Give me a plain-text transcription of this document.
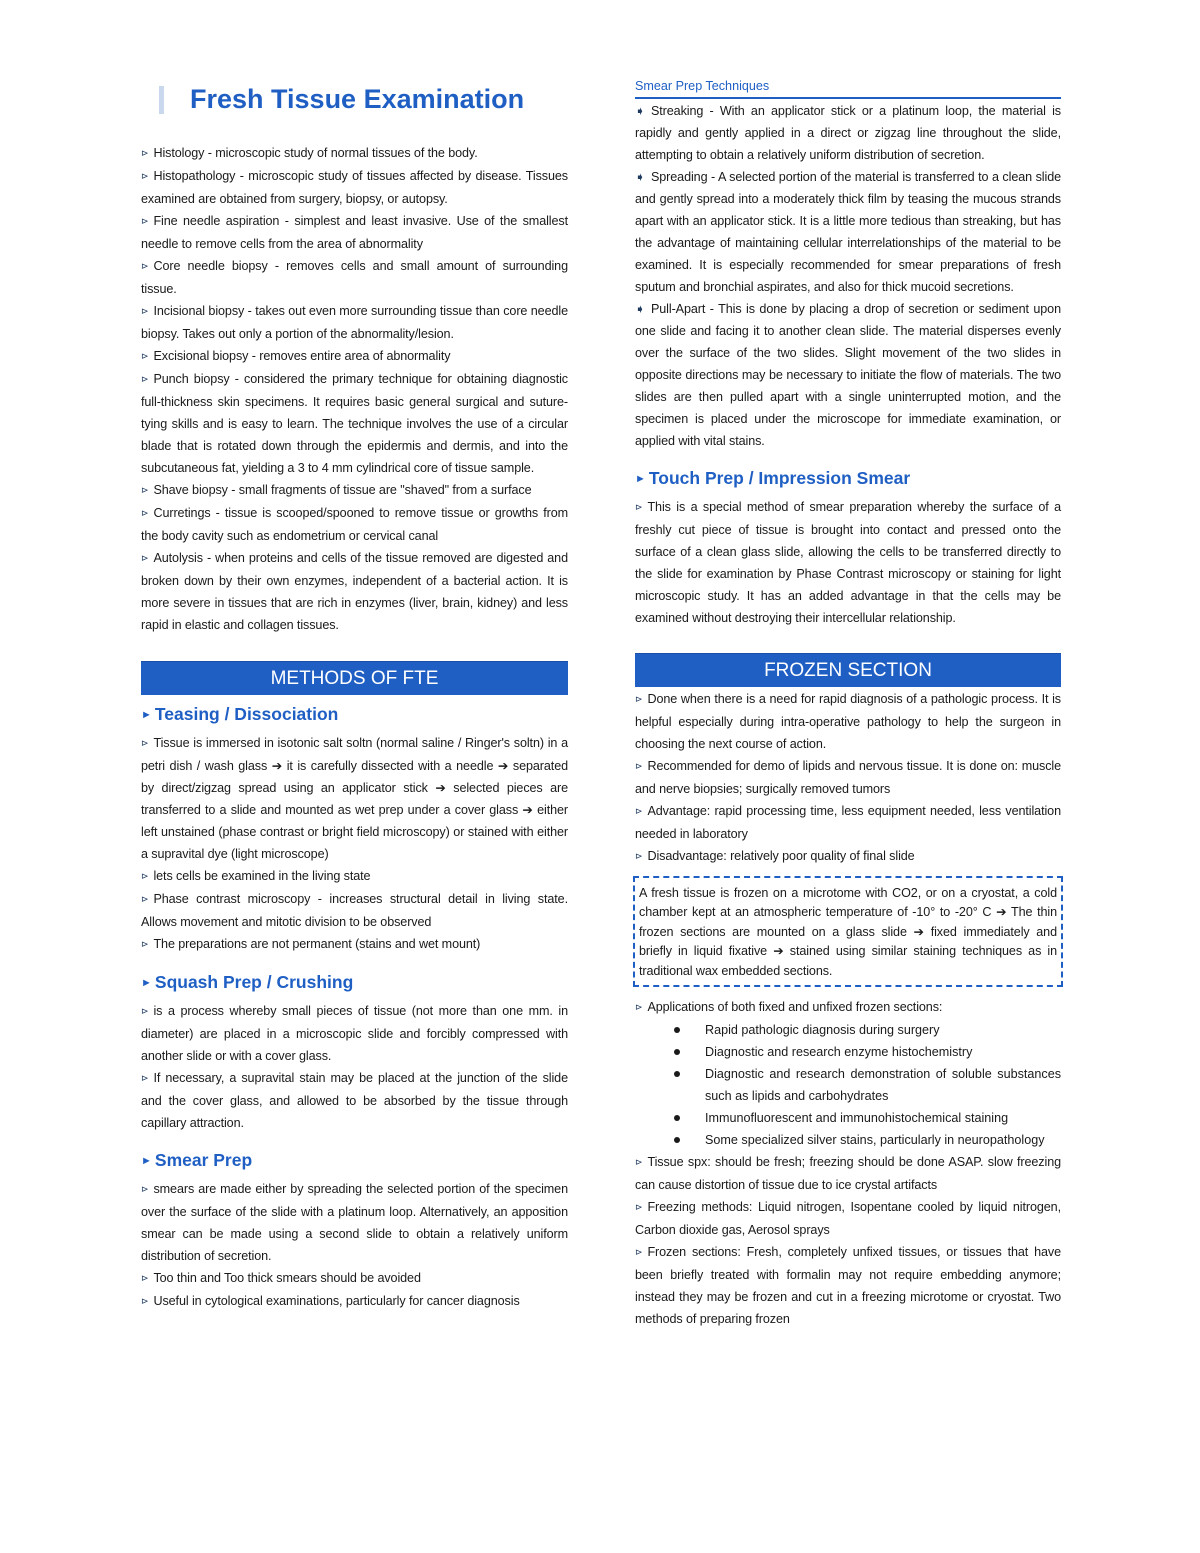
Fresh Tissue Examination

⊳ Histology - microscopic study of normal tissues of the body.

⊳ Histopathology - microscopic study of tissues affected by disease. Tissues examined are obtained from surgery, biopsy, or autopsy.

⊳ Fine needle aspiration - simplest and least invasive. Use of the smallest needle to remove cells from the area of abnormality

⊳ Core needle biopsy - removes cells and small amount of surrounding tissue.

⊳ Incisional biopsy - takes out even more surrounding tissue than core needle biopsy. Takes out only a portion of the abnormality/lesion.

⊳ Excisional biopsy - removes entire area of abnormality

⊳ Punch biopsy - considered the primary technique for obtaining diagnostic full-thickness skin specimens. It requires basic general surgical and suture-tying skills and is easy to learn. The technique involves the use of a circular blade that is rotated down through the epidermis and dermis, and into the subcutaneous fat, yielding a 3 to 4 mm cylindrical core of tissue sample.

⊳ Shave biopsy - small fragments of tissue are "shaved" from a surface

⊳ Curretings - tissue is scooped/spooned to remove tissue or growths from the body cavity such as endometrium or cervical canal

⊳ Autolysis - when proteins and cells of the tissue removed are digested and broken down by their own enzymes, independent of a bacterial action. It is more severe in tissues that are rich in enzymes (liver, brain, kidney) and less rapid in elastic and collagen tissues.

METHODS OF FTE
► Teasing / Dissociation

⊳ Tissue is immersed in isotonic salt soltn (normal saline / Ringer's soltn) in a petri dish / wash glass ➔ it is carefully dissected with a needle ➔ separated by direct/zigzag spread using an applicator stick ➔ selected pieces are transferred to a slide and mounted as wet prep under a cover glass ➔ either left unstained (phase contrast or bright field microscopy) or stained with either a supravital dye (light microscope)

⊳ lets cells be examined in the living state

⊳ Phase contrast microscopy - increases structural detail in living state. Allows movement and mitotic division to be observed

⊳ The preparations are not permanent (stains and wet mount)

► Squash Prep / Crushing

⊳ is a process whereby small pieces of tissue (not more than one mm. in diameter) are placed in a microscopic slide and forcibly compressed with another slide or with a cover glass.

⊳ If necessary, a supravital stain may be placed at the junction of the slide and the cover glass, and allowed to be absorbed by the tissue through capillary attraction.

► Smear Prep

⊳ smears are made either by spreading the selected portion of the specimen over the surface of the slide with a platinum loop. Alternatively, an apposition smear can be made using a second slide to obtain a relatively uniform distribution of secretion.

⊳ Too thin and Too thick smears should be avoided

⊳ Useful in cytological examinations, particularly for cancer diagnosis

Smear Prep Techniques

➧ Streaking - With an applicator stick or a platinum loop, the material is rapidly and gently applied in a direct or zigzag line throughout the slide, attempting to obtain a relatively uniform distribution of secretion.

➧ Spreading - A selected portion of the material is transferred to a clean slide and gently spread into a moderately thick film by teasing the mucous strands apart with an applicator stick. It is a little more tedious than streaking, but has the advantage of maintaining cellular interrelationships of the material to be examined. It is especially recommended for smear preparations of fresh sputum and bronchial aspirates, and also for thick mucoid secretions.

➧ Pull-Apart - This is done by placing a drop of secretion or sediment upon one slide and facing it to another clean slide. The material disperses evenly over the surface of the two slides. Slight movement of the two slides in opposite directions may be necessary to initiate the flow of materials. The two slides are then pulled apart with a single uninterrupted motion, and the specimen is placed under the microscope for immediate examination, or applied with vital stains.

► Touch Prep / Impression Smear

⊳ This is a special method of smear preparation whereby the surface of a freshly cut piece of tissue is brought into contact and pressed onto the surface of a clean glass slide, allowing the cells to be transferred directly to the slide for examination by Phase Contrast microscopy or staining for light microscopic study. It has an added advantage in that the cells may be examined without destroying their intercellular relationship.

FROZEN SECTION

⊳ Done when there is a need for rapid diagnosis of a pathologic process. It is helpful especially during intra-operative pathology to help the surgeon in choosing the next course of action.

⊳ Recommended for demo of lipids and nervous tissue. It is done on: muscle and nerve biopsies; surgically removed tumors

⊳ Advantage: rapid processing time, less equipment needed, less ventilation needed in laboratory

⊳ Disadvantage: relatively poor quality of final slide

A fresh tissue is frozen on a microtome with CO2, or on a cryostat, a cold chamber kept at an atmospheric temperature of -10° to -20° C ➔ The thin frozen sections are mounted on a glass slide ➔ fixed immediately and briefly in liquid fixative ➔ stained using similar staining techniques as in traditional wax embedded sections.

⊳ Applications of both fixed and unfixed frozen sections:

Rapid pathologic diagnosis during surgery
Diagnostic and research enzyme histochemistry
Diagnostic and research demonstration of soluble substances such as lipids and carbohydrates
Immunofluorescent and immunohistochemical staining
Some specialized silver stains, particularly in neuropathology

⊳ Tissue spx: should be fresh; freezing should be done ASAP. slow freezing can cause distortion of tissue due to ice crystal artifacts

⊳ Freezing methods: Liquid nitrogen, Isopentane cooled by liquid nitrogen, Carbon dioxide gas, Aerosol sprays

⊳ Frozen sections: Fresh, completely unfixed tissues, or tissues that have been briefly treated with formalin may not require embedding anymore; instead they may be frozen and cut in a freezing microtome or cryostat. Two methods of preparing frozen
